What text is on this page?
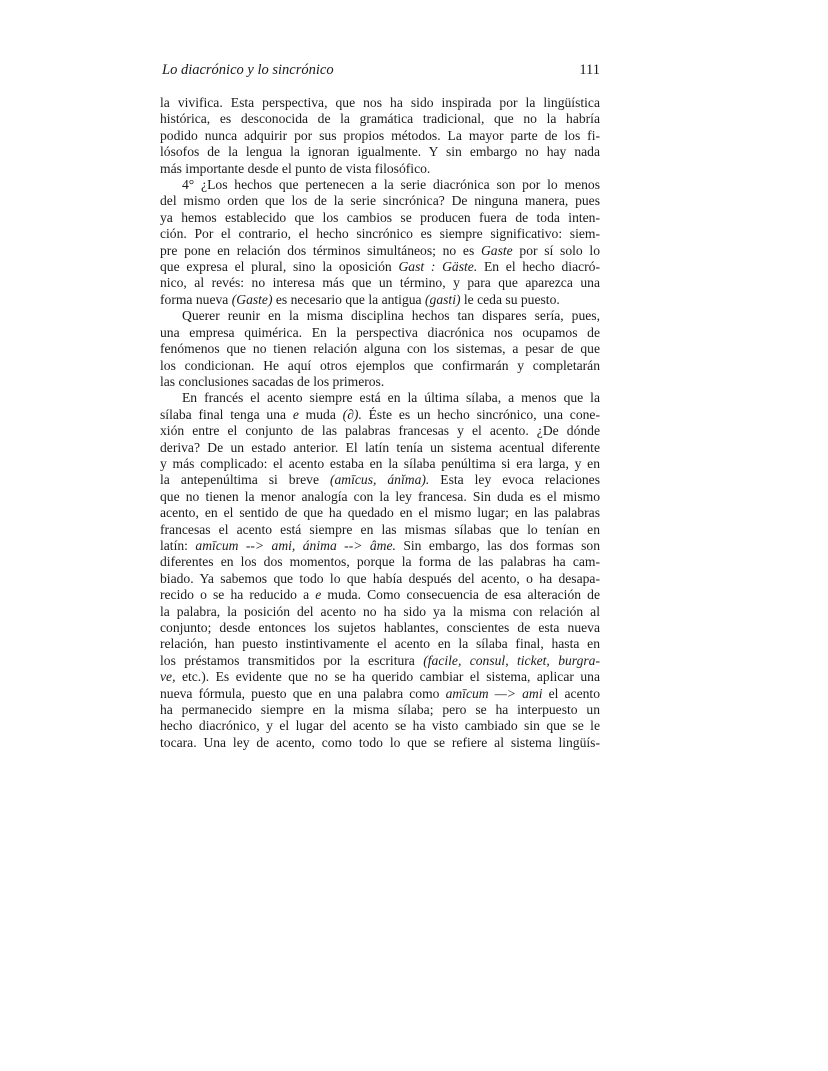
Lo diacrónico y lo sincrónico	111
la vivifica. Esta perspectiva, que nos ha sido inspirada por la lingüística
histórica, es desconocida de la gramática tradicional, que no la habría
podido nunca adquirir por sus propios métodos. La mayor parte de los fi-
lósofos de la lengua la ignoran igualmente. Y sin embargo no hay nada
más importante desde el punto de vista filosófico.
4° ¿Los hechos que pertenecen a la serie diacrónica son por lo menos
del mismo orden que los de la serie sincrónica? De ninguna manera, pues
ya hemos establecido que los cambios se producen fuera de toda inten-
ción. Por el contrario, el hecho sincrónico es siempre significativo: siem-
pre pone en relación dos términos simultáneos; no es Gaste por sí solo lo
que expresa el plural, sino la oposición Gast : Gäste. En el hecho diacró-
nico, al revés: no interesa más que un término, y para que aparezca una
forma nueva (Gaste) es necesario que la antigua (gasti) le ceda su puesto.
Querer reunir en la misma disciplina hechos tan dispares sería, pues,
una empresa quimérica. En la perspectiva diacrónica nos ocupamos de
fenómenos que no tienen relación alguna con los sistemas, a pesar de que
los condicionan. He aquí otros ejemplos que confirmarán y completarán
las conclusiones sacadas de los primeros.
En francés el acento siempre está en la última sílaba, a menos que la
sílaba final tenga una e muda (∂). Éste es un hecho sincrónico, una cone-
xión entre el conjunto de las palabras francesas y el acento. ¿De dónde
deriva? De un estado anterior. El latín tenía un sistema acentual diferente
y más complicado: el acento estaba en la sílaba penúltima si era larga, y en
la antepenúltima si breve (amīcus, ánĭma). Esta ley evoca relaciones
que no tienen la menor analogía con la ley francesa. Sin duda es el mismo
acento, en el sentido de que ha quedado en el mismo lugar; en las palabras
francesas el acento está siempre en las mismas sílabas que lo tenían en
latín: amīcum --> ami, ánima --> âme. Sin embargo, las dos formas son
diferentes en los dos momentos, porque la forma de las palabras ha cam-
biado. Ya sabemos que todo lo que había después del acento, o ha desapa-
recido o se ha reducido a e muda. Como consecuencia de esa alteración de
la palabra, la posición del acento no ha sido ya la misma con relación al
conjunto; desde entonces los sujetos hablantes, conscientes de esta nueva
relación, han puesto instintivamente el acento en la sílaba final, hasta en
los préstamos transmitidos por la escritura (facile, consul, ticket, burgra-
ve, etc.). Es evidente que no se ha querido cambiar el sistema, aplicar una
nueva fórmula, puesto que en una palabra como amīcum —> ami el acento
ha permanecido siempre en la misma sílaba; pero se ha interpuesto un
hecho diacrónico, y el lugar del acento se ha visto cambiado sin que se le
tocara. Una ley de acento, como todo lo que se refiere al sistema lingüís-
